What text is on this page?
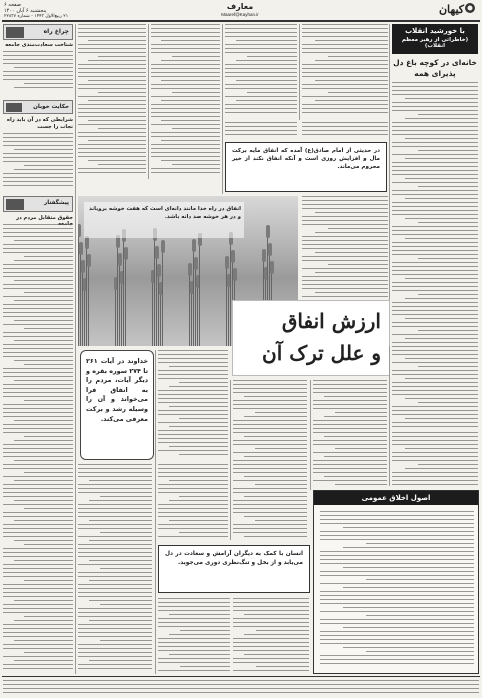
صفحه ۶
پنجشنبه ۶ آبان ۱۴۰۰
۲۱ ربیع‌الاول ۱۴۴۳ - شماره ۲۲۸۳۷
معارف
Maaref@Kayhan.ir	کیهان
با خورشید انقلاب
(خاطراتی از رهبر معظم انقلاب)
خانه‌ای در کوچه باغ دل پذیرای همه
در حدیثی از امام صادق(ع) آمده که انفاق مایه برکت مال و افزایش روزی است و آنکه انفاق نکند از خیر محروم می‌ماند.
انفاق در راه خدا مانند دانه‌ای است که هفت خوشه برویاند و در هر خوشه صد دانه باشد.
ارزش انفاق
و علل ترک آن
خداوند در آیات ۲۶۱ تا ۲۷۴ سوره بقره و دیگر آیات، مردم را به انفاق فرا می‌خواند و آن را وسیله رشد و برکت معرفی می‌کند.
اصول اخلاق عمومی
انسان با کمک به دیگران آرامش و سعادت در دل می‌یابد و از بخل و تنگ‌نظری دوری می‌جوید.
چراغ راه
شناخت سعادت‌مندی جامعه
حکایت خوبان
شرایطی که در آن باید راه نجات را جست
پیشگفتار
حقوق متقابل مردم در
